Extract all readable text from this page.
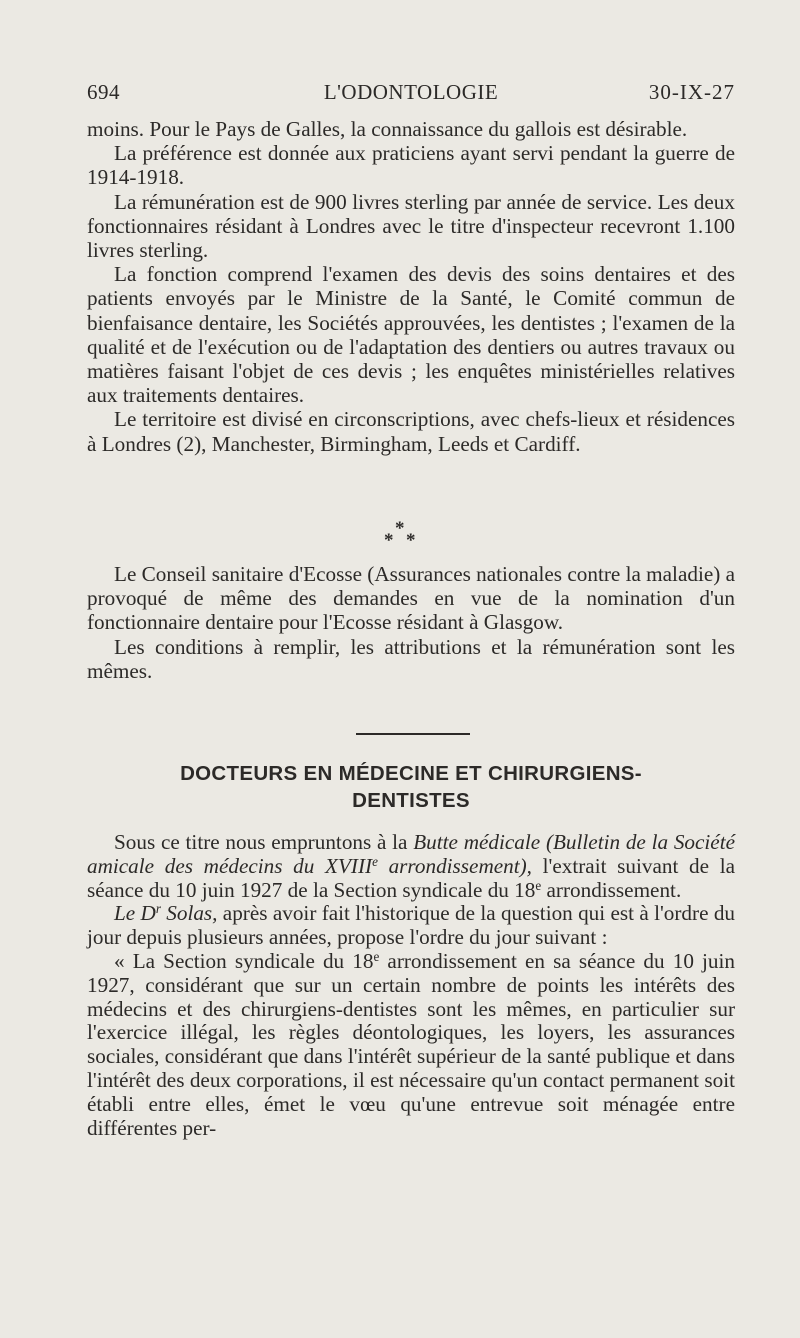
694	L'ODONTOLOGIE	30-IX-27

moins. Pour le Pays de Galles, la connaissance du gallois est désirable.

La préférence est donnée aux praticiens ayant servi pendant la guerre de 1914-1918.

La rémunération est de 900 livres sterling par année de service. Les deux fonctionnaires résidant à Londres avec le titre d'inspecteur recevront 1.100 livres sterling.

La fonction comprend l'examen des devis des soins dentaires et des patients envoyés par le Ministre de la Santé, le Comité commun de bienfaisance dentaire, les Sociétés approuvées, les dentistes ; l'examen de la qualité et de l'exécution ou de l'adaptation des dentiers ou autres travaux ou matières faisant l'objet de ces devis ; les enquêtes ministérielles relatives aux traitements dentaires.

Le territoire est divisé en circonscriptions, avec chefs-lieux et résidences à Londres (2), Manchester, Birmingham, Leeds et Cardiff.

*
* *

Le Conseil sanitaire d'Ecosse (Assurances nationales contre la maladie) a provoqué de même des demandes en vue de la nomination d'un fonctionnaire dentaire pour l'Ecosse résidant à Glasgow.

Les conditions à remplir, les attributions et la rémunération sont les mêmes.

DOCTEURS EN MÉDECINE ET CHIRURGIENS-
DENTISTES

Sous ce titre nous empruntons à la Butte médicale (Bulletin de la Société amicale des médecins du XVIIIe arrondissement), l'extrait suivant de la séance du 10 juin 1927 de la Section syndicale du 18e arrondissement.

Le $D^r$ Solas, après avoir fait l'historique de la question qui est à l'ordre du jour depuis plusieurs années, propose l'ordre du jour suivant :

« La Section syndicale du 18e arrondissement en sa séance du 10 juin 1927, considérant que sur un certain nombre de points les intérêts des médecins et des chirurgiens-dentistes sont les mêmes, en particulier sur l'exercice illégal, les règles déontologiques, les loyers, les assurances sociales, considérant que dans l'intérêt supérieur de la santé publique et dans l'intérêt des deux corporations, il est nécessaire qu'un contact permanent soit établi entre elles, émet le vœu qu'une entrevue soit ménagée entre différentes per-
